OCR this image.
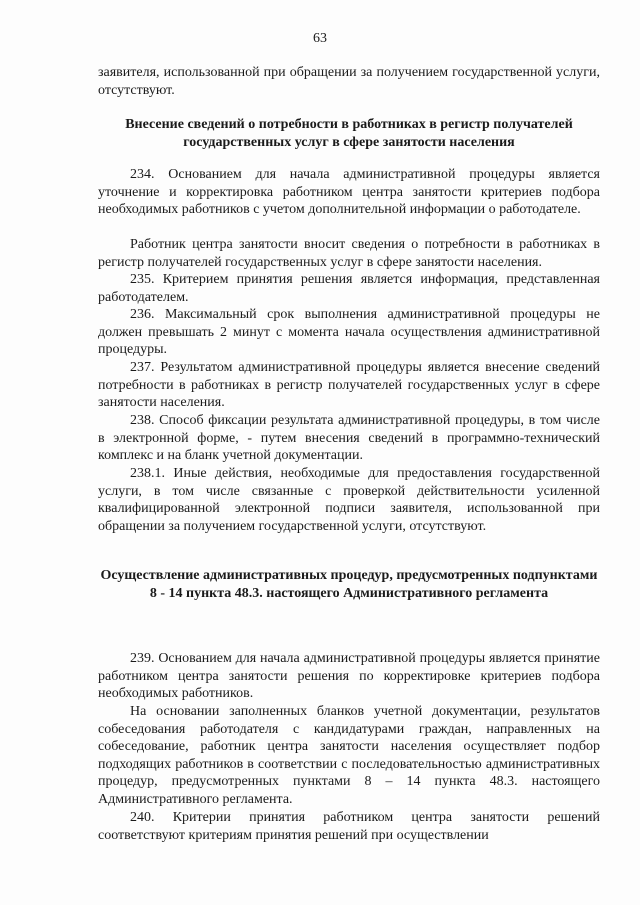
63
заявителя, использованной при обращении за получением государственной услуги, отсутствуют.
Внесение сведений о потребности в работниках в регистр получателей государственных услуг в сфере занятости населения
234. Основанием для начала административной процедуры является уточнение и корректировка работником центра занятости критериев подбора необходимых работников с учетом дополнительной информации о работодателе.
Работник центра занятости вносит сведения о потребности в работниках в регистр получателей государственных услуг в сфере занятости населения.
235. Критерием принятия решения является информация, представленная работодателем.
236. Максимальный срок выполнения административной процедуры не должен превышать 2 минут с момента начала осуществления административной процедуры.
237. Результатом административной процедуры является внесение сведений потребности в работниках в регистр получателей государственных услуг в сфере занятости населения.
238. Способ фиксации результата административной процедуры, в том числе в электронной форме, - путем внесения сведений в программно-технический комплекс и на бланк учетной документации.
238.1. Иные действия, необходимые для предоставления государственной услуги, в том числе связанные с проверкой действительности усиленной квалифицированной электронной подписи заявителя, использованной при обращении за получением государственной услуги, отсутствуют.
Осуществление административных процедур, предусмотренных подпунктами 8 - 14 пункта 48.3. настоящего Административного регламента
239. Основанием для начала административной процедуры является принятие работником центра занятости решения по корректировке критериев подбора необходимых работников.
На основании заполненных бланков учетной документации, результатов собеседования работодателя с кандидатурами граждан, направленных на собеседование, работник центра занятости населения осуществляет подбор подходящих работников в соответствии с последовательностью административных процедур, предусмотренных пунктами 8 – 14 пункта 48.3. настоящего Административного регламента.
240. Критерии принятия работником центра занятости решений соответствуют критериям принятия решений при осуществлении
